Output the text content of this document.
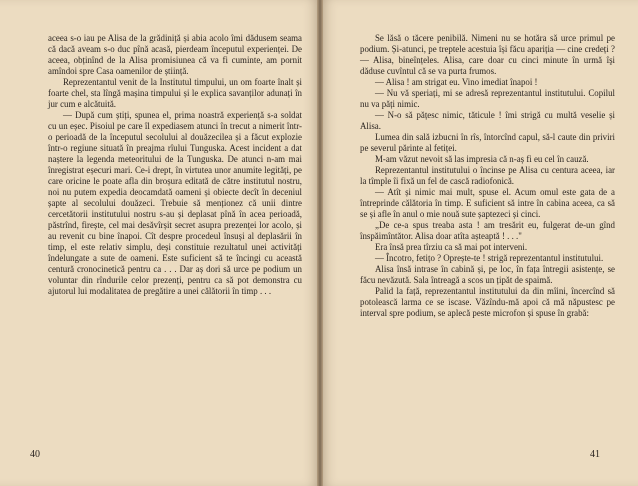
aceea s-o iau pe Alisa de la grădiniță și abia acolo îmi dădusem seama că dacă aveam s-o duc pînă acasă, pierdeam începutul experienței. De aceea, obținînd de la Alisa promisiunea că va fi cuminte, am pornit amîndoi spre Casa oamenilor de știință.

Reprezentantul venit de la Institutul timpului, un om foarte înalt și foarte chel, sta lîngă mașina timpului și le explica savanților adunați în jur cum e alcătuită.

— După cum știți, spunea el, prima noastră experiență s-a soldat cu un eșec. Pisoiul pe care îl expediasem atunci în trecut a nimerit într-o perioadă de la începutul secolului al douăzecilea și a făcut explozie într-o regiune situată în preajma rîului Tunguska. Acest incident a dat naștere la legenda meteoritului de la Tunguska. De atunci n-am mai înregistrat eșecuri mari. Ce-i drept, în virtutea unor anumite legități, pe care oricine le poate afla din broșura editată de către institutul nostru, noi nu putem expedia deocamdată oameni și obiecte decît în deceniul șapte al secolului douăzeci. Trebuie să menționez că unii dintre cercetătorii institutului nostru s-au și deplasat pînă în acea perioadă, păstrînd, firește, cel mai desăvîrșit secret asupra prezenței lor acolo, și au revenit cu bine înapoi. Cît despre procedeul însuși al deplasării în timp, el este relativ simplu, deși constituie rezultatul unei activități îndelungate a sute de oameni. Este suficient să te încingi cu această centură cronocinetică pentru ca . . . Dar aș dori să urce pe podium un voluntar din rîndurile celor prezenți, pentru ca să pot demonstra cu ajutorul lui modalitatea de pregătire a unei călătorii în timp . . .

40

Se lăsă o tăcere penibilă. Nimeni nu se hotăra să urce primul pe podium. Și-atunci, pe treptele acestuia își făcu apariția — cine credeți ? — Alisa, bineînțeles. Alisa, care doar cu cinci minute în urmă îşi dăduse cuvîntul că se va purta frumos.

— Alisa ! am strigat eu. Vino imediat înapoi !

— Nu vă speriați, mi se adresă reprezentantul institutului. Copilul nu va păți nimic.

— N-o să pățesc nimic, tăticule ! îmi strigă cu multă veselie și Alisa.

Lumea din sală izbucni în rîs, întorcînd capul, să-l caute din priviri pe severul părinte al fetiței.

M-am văzut nevoit să las impresia că n-aș fi eu cel în cauză.

Reprezentantul institutului o încinse pe Alisa cu centura aceea, iar la tîmple îi fixă un fel de cască radiofonică.

— Atît și nimic mai mult, spuse el. Acum omul este gata de a întreprinde călătoria în timp. E suficient să intre în cabina aceea, ca să se și afle în anul o mie nouă sute șaptezeci și cinci.

„De ce-a spus treaba asta ! am tresărit eu, fulgerat de-un gînd înspăimîntător. Alisa doar atîta așteaptă ! . . ."

Era însă prea tîrziu ca să mai pot interveni.

— Încotro, fetițo ? Oprește-te ! strigă reprezentantul institutului.

Alisa însă intrase în cabină și, pe loc, în fața întregii asistențe, se făcu nevăzută. Sala întreagă a scos un țipăt de spaimă.

Palid la față, reprezentantul institutului da din mîini, încercînd să potolească larma ce se iscase. Văzîndu-mă apoi că mă năpustesc pe interval spre podium, se aplecă peste microfon și spuse în grabă:

41
